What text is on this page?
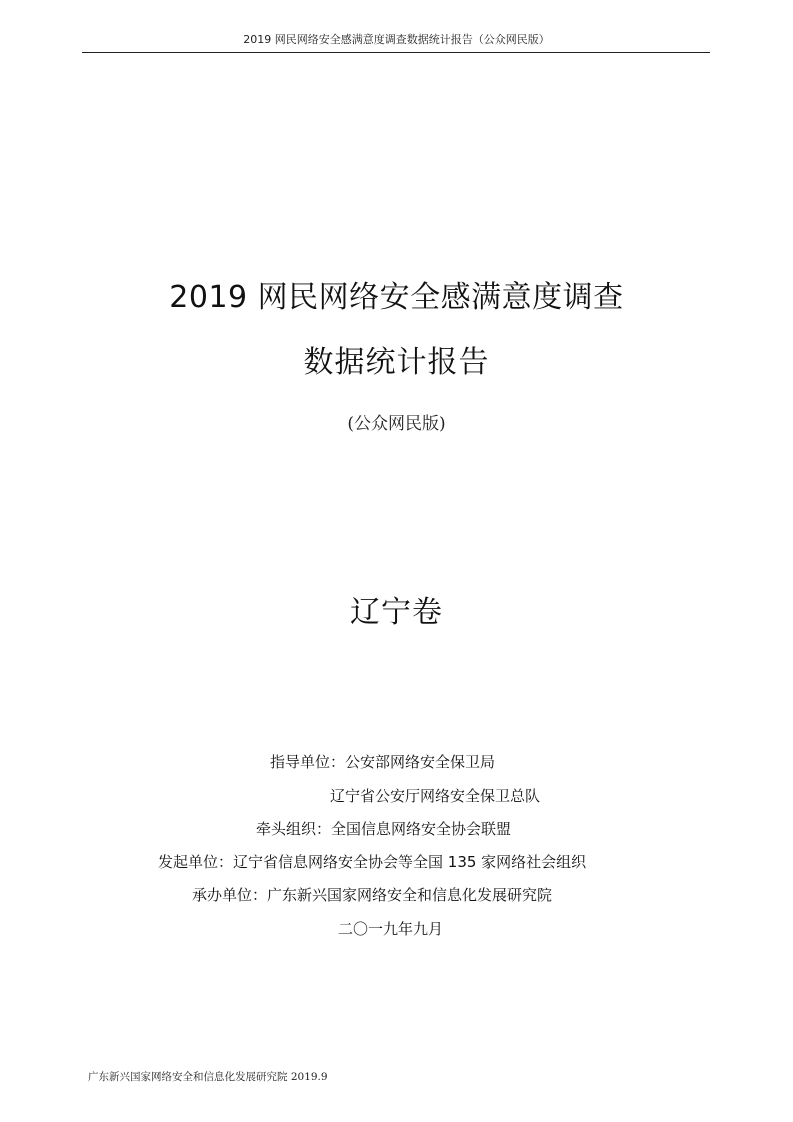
2019 网民网络安全感满意度调查数据统计报告（公众网民版）
2019 网民网络安全感满意度调查
数据统计报告
(公众网民版)
辽宁卷
指导单位：公安部网络安全保卫局
辽宁省公安厅网络安全保卫总队
牵头组织：全国信息网络安全协会联盟
发起单位：辽宁省信息网络安全协会等全国 135 家网络社会组织
承办单位：广东新兴国家网络安全和信息化发展研究院
二〇一九年九月
广东新兴国家网络安全和信息化发展研究院 2019.9
